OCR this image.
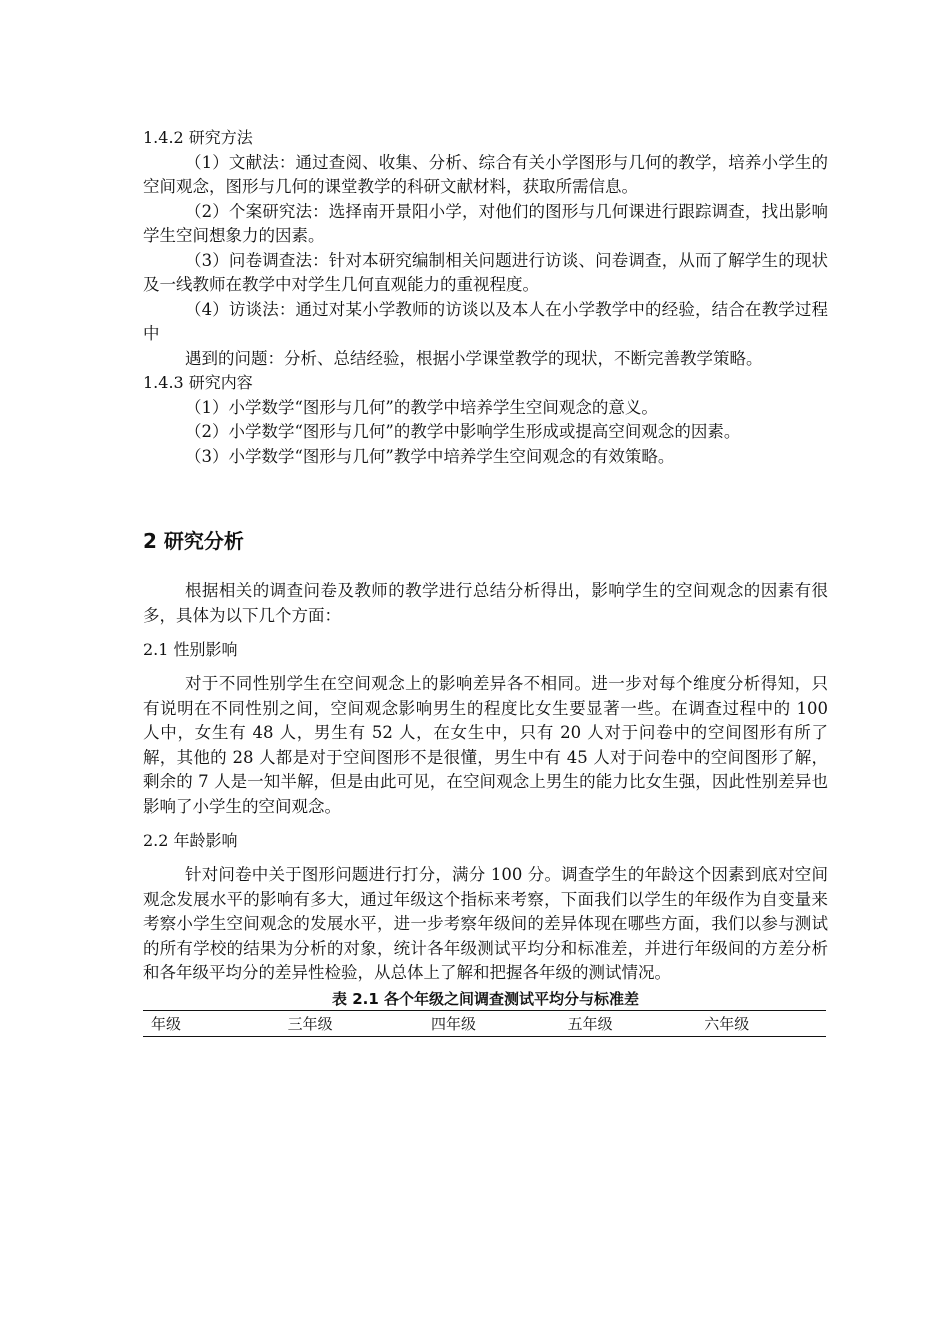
1.4.2 研究方法

（1）文献法：通过查阅、收集、分析、综合有关小学图形与几何的教学，培养小学生的空间观念，图形与几何的课堂教学的科研文献材料，获取所需信息。

（2）个案研究法：选择南开景阳小学，对他们的图形与几何课进行跟踪调查，找出影响学生空间想象力的因素。

（3）问卷调查法：针对本研究编制相关问题进行访谈、问卷调查，从而了解学生的现状及一线教师在教学中对学生几何直观能力的重视程度。

（4）访谈法：通过对某小学教师的访谈以及本人在小学教学中的经验，结合在教学过程中

遇到的问题：分析、总结经验，根据小学课堂教学的现状，不断完善教学策略。

1.4.3 研究内容

（1）小学数学“图形与几何”的教学中培养学生空间观念的意义。

（2）小学数学“图形与几何”的教学中影响学生形成或提高空间观念的因素。

（3）小学数学“图形与几何”教学中培养学生空间观念的有效策略。

2 研究分析

根据相关的调查问卷及教师的教学进行总结分析得出，影响学生的空间观念的因素有很多，具体为以下几个方面：

2.1 性别影响

对于不同性别学生在空间观念上的影响差异各不相同。进一步对每个维度分析得知，只有说明在不同性别之间，空间观念影响男生的程度比女生要显著一些。在调查过程中的 100 人中，女生有 48 人，男生有 52 人，在女生中，只有 20 人对于问卷中的空间图形有所了解，其他的 28 人都是对于空间图形不是很懂，男生中有 45 人对于问卷中的空间图形了解，剩余的 7 人是一知半解，但是由此可见，在空间观念上男生的能力比女生强，因此性别差异也影响了小学生的空间观念。

2.2 年龄影响

针对问卷中关于图形问题进行打分，满分 100 分。调查学生的年龄这个因素到底对空间观念发展水平的影响有多大，通过年级这个指标来考察，下面我们以学生的年级作为自变量来考察小学生空间观念的发展水平，进一步考察年级间的差异体现在哪些方面，我们以参与测试的所有学校的结果为分析的对象，统计各年级测试平均分和标准差，并进行年级间的方差分析和各年级平均分的差异性检验，从总体上了解和把握各年级的测试情况。

表 2.1 各个年级之间调查测试平均分与标准差

年级	三年级	四年级	五年级	六年级
